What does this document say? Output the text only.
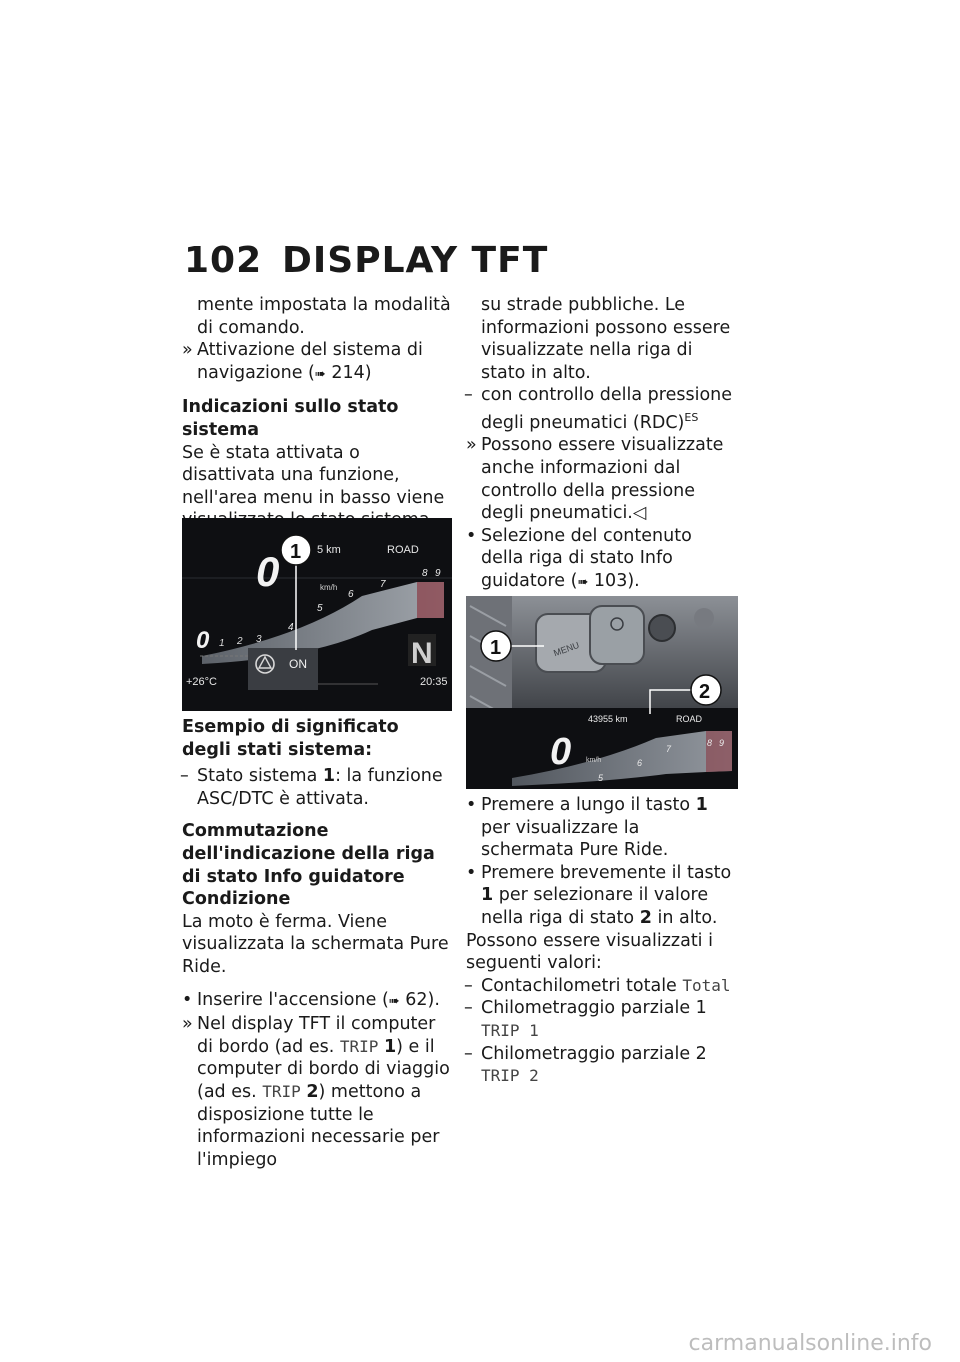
102 DISPLAY TFT
mente impostata la modalità di comando.
» Attivazione del sistema di navigazione (➠ 214)
Indicazioni sullo stato sistema

Se è stata attivata o disattivata una funzione, nell'area menu in basso viene

5 km	ROAD
0	km/h
4
5
6
7
8 9
0 1 2 3
ON	N
+26°C	20:35
1
Esempio di significato degli stati sistema:
– Stato sistema 1: la funzione ASC/DTC è attivata.
Commutazione dell'indicazione della riga di stato Info guidatore
Condizione

La moto è ferma. Viene visualizzata la schermata Pure Ride.

• Inserire l'accensione (➠ 62).
» Nel display TFT il computer di bordo (ad es. TRIP 1) e il computer di bordo di viaggio (ad es. TRIP 2) mettono a disposizione tutte le informazioni necessarie per l'impiego
su strade pubbliche. Le informazioni possono essere visualizzate nella riga di stato in alto.
– con controllo della pressione degli pneumatici (RDC)$^{ES}$
» Possono essere visualizzate anche informazioni dal controllo della pressione degli pneumatici.◁
• Selezione del contenuto della riga di stato Info guidatore (➠ 103).
MENU
43955 km	ROAD
0 km/h
5
6
7
8 9
1
2
• Premere a lungo il tasto 1 per visualizzare la schermata Pure Ride.
• Premere brevemente il tasto 1 per selezionare il valore nella riga di stato 2 in alto.

Possono essere visualizzati i seguenti valori:

– Contachilometri totale Total
– Chilometraggio parziale 1
TRIP 1
– Chilometraggio parziale 2
TRIP 2
carmanualsonline.info
